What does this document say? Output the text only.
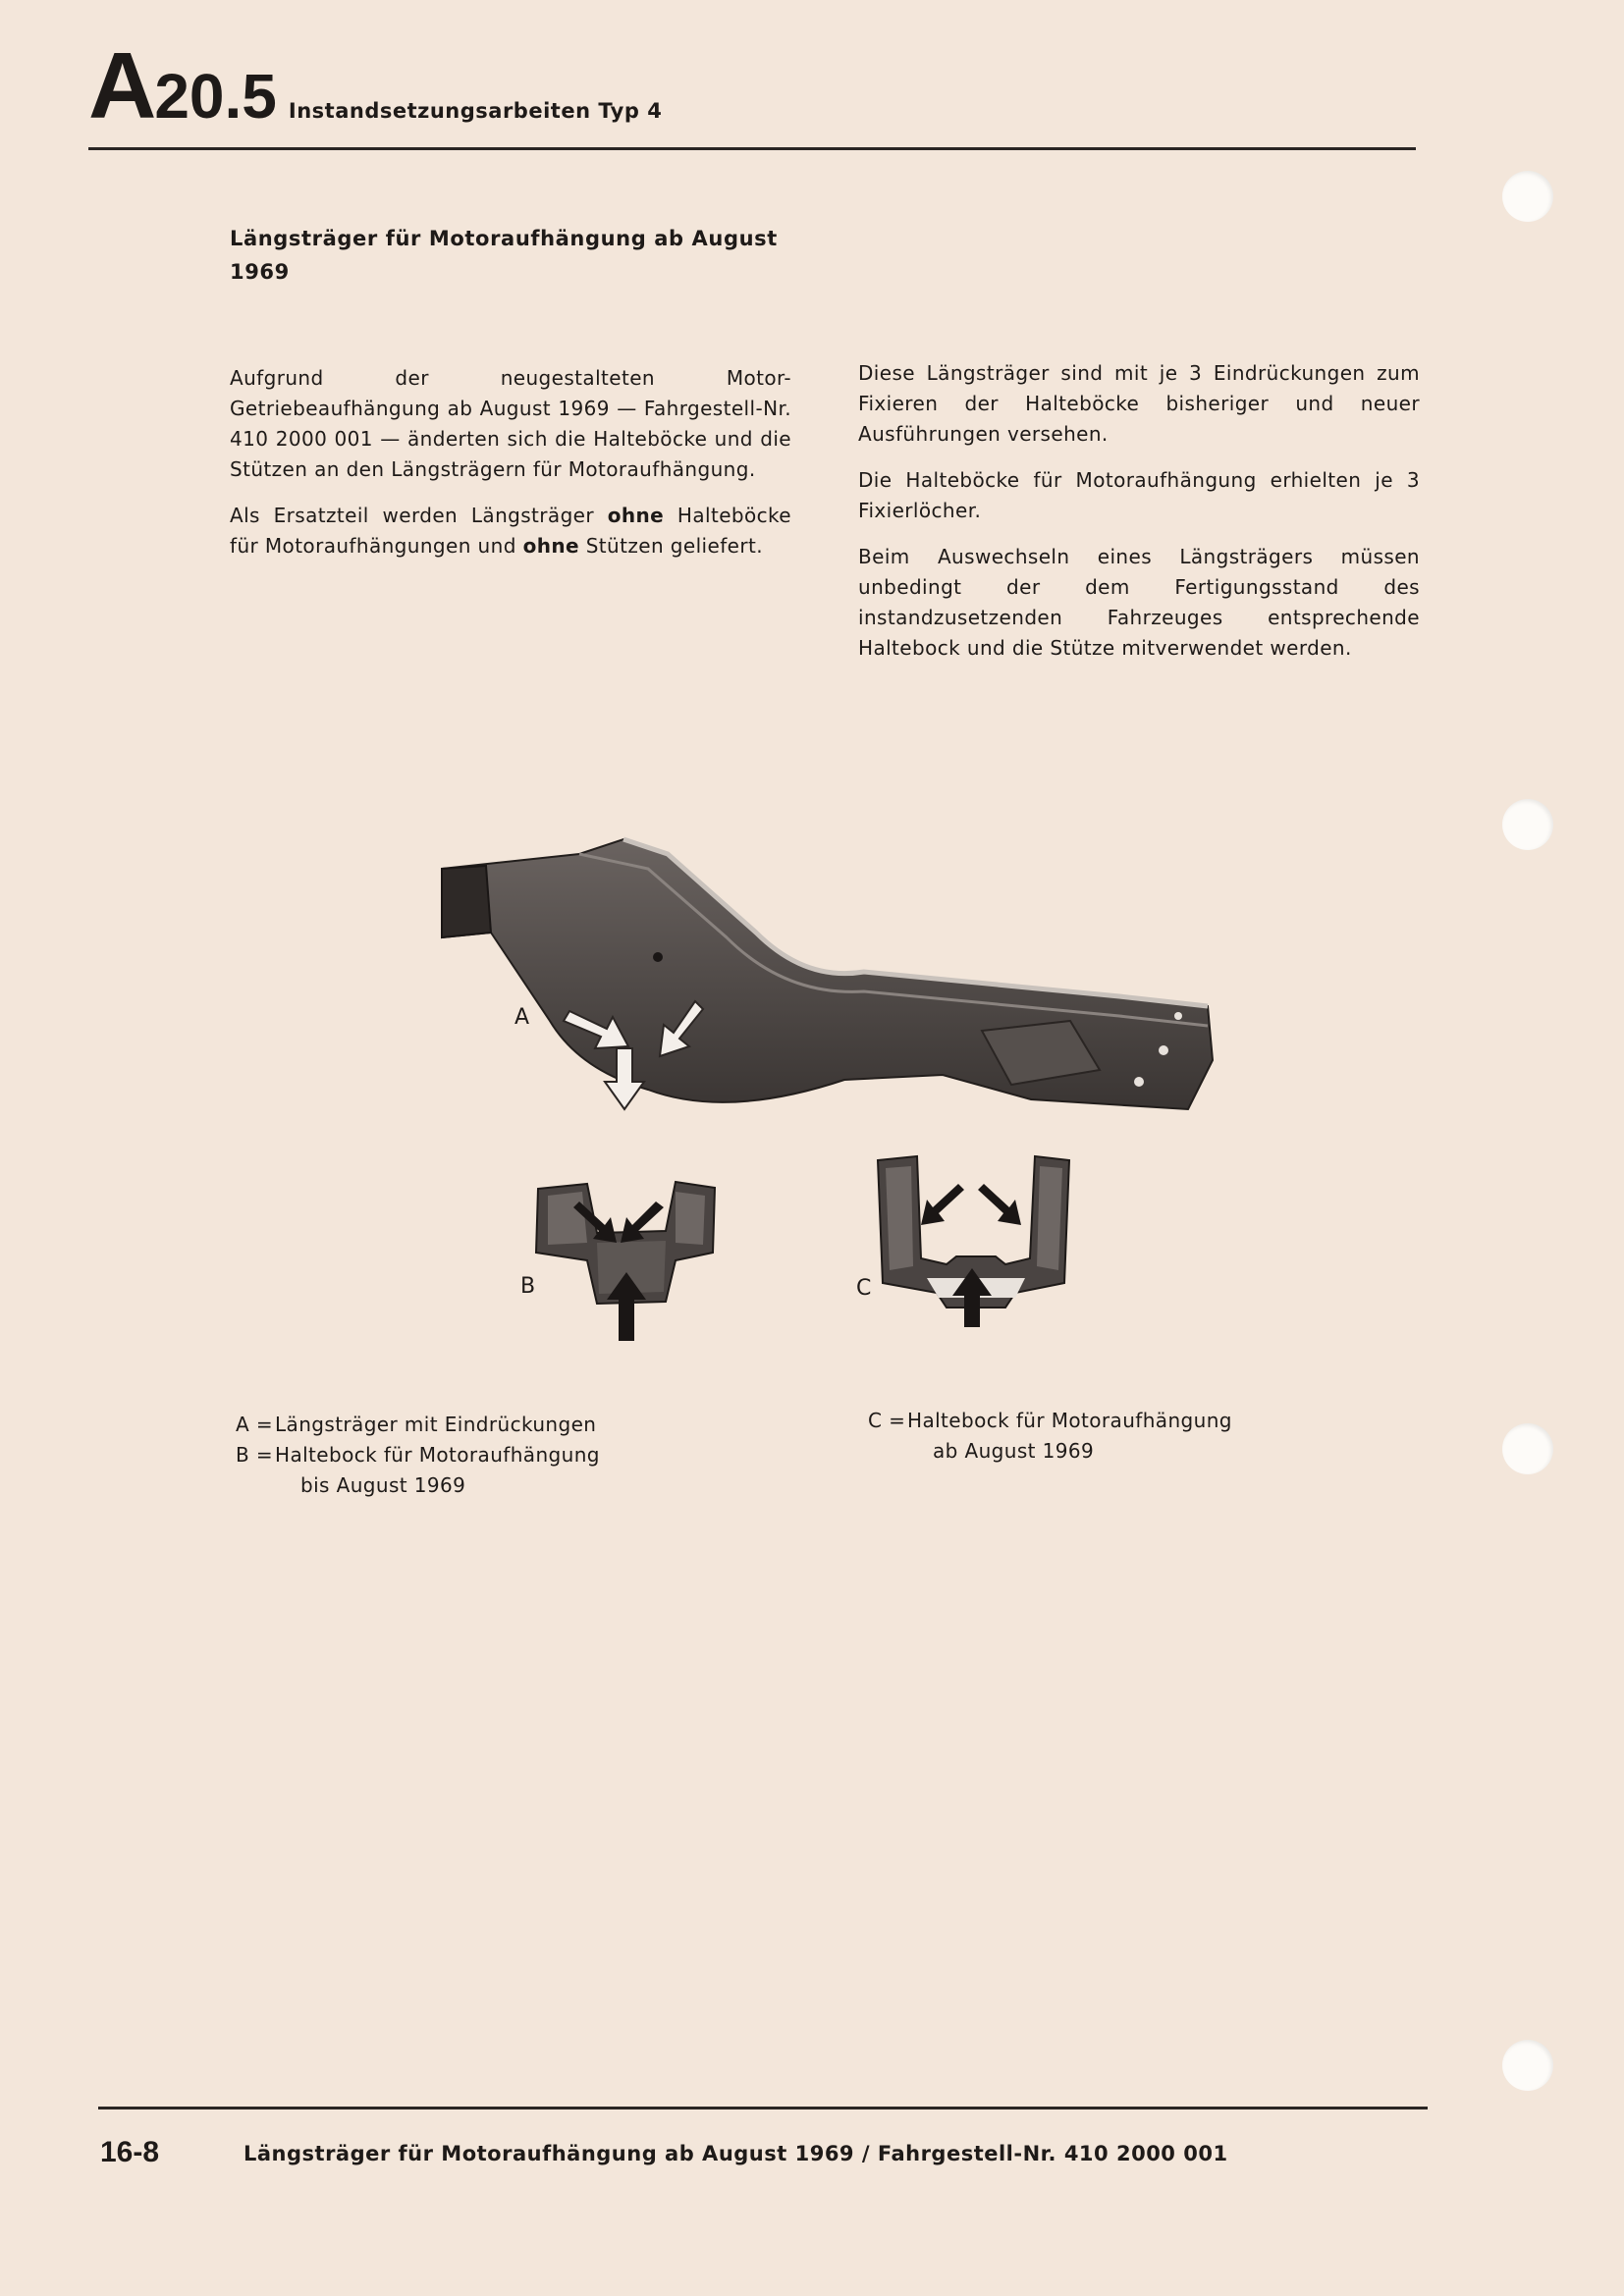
A 20.5 Instandsetzungsarbeiten Typ 4
Längsträger für Motoraufhängung ab August 1969

Aufgrund der neugestalteten Motor-Getriebeaufhängung ab August 1969 — Fahrgestell-Nr. 410 2000 001 — änderten sich die Halteböcke und die Stützen an den Längsträgern für Motoraufhängung.

Als Ersatzteil werden Längsträger ohne Halteböcke für Motoraufhängungen und ohne Stützen geliefert.

Diese Längsträger sind mit je 3 Eindrückungen zum Fixieren der Halteböcke bisheriger und neuer Ausführungen versehen.

Die Halteböcke für Motoraufhängung erhielten je 3 Fixierlöcher.

Beim Auswechseln eines Längsträgers müssen unbedingt der dem Fertigungsstand des instandzusetzenden Fahrzeuges entsprechende Haltebock und die Stütze mitverwendet werden.

A
B	C
A = Längsträger mit Eindrückungen
B = Haltebock für Motoraufhängung
bis August 1969
C = Haltebock für Motoraufhängung
ab August 1969
16-8	Längsträger für Motoraufhängung ab August 1969 / Fahrgestell-Nr. 410 2000 001
